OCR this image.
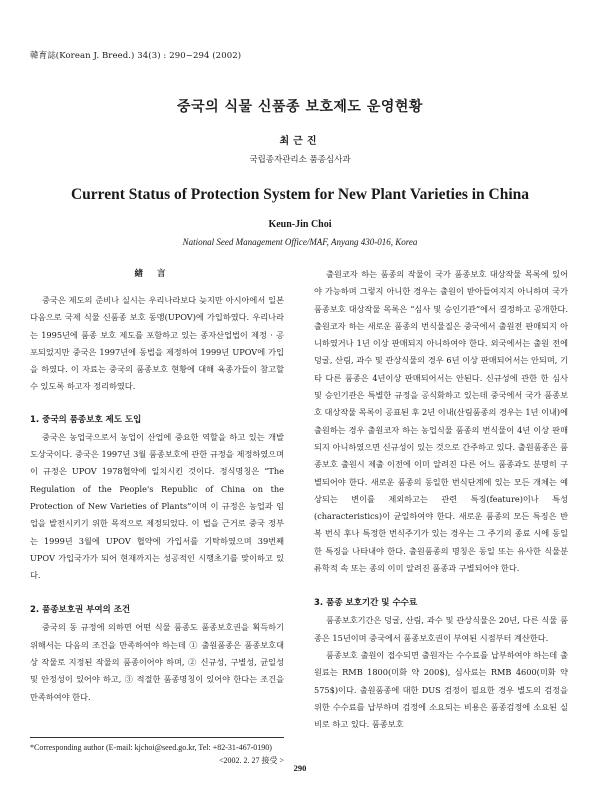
韓育誌(Korean J. Breed.) 34(3) : 290~294 (2002)
중국의 식물 신품종 보호제도 운영현황
최근진
국립종자관리소 품종심사과
Current Status of Protection System for New Plant Varieties in China
Keun-Jin Choi
National Seed Management Office/MAF, Anyang 430-016, Korea
緖言

중국은 제도의 준비나 실시는 우리나라보다 늦지만 아시아에서 일본 다음으로 국제 식물 신품종 보호 동맹(UPOV)에 가입하였다. 우리나라는 1995년에 품종 보호 제도를 포함하고 있는 종자산업법이 제정 · 공포되었지만 중국은 1997년에 동법을 제정하여 1999년 UPOV에 가입을 하였다. 이 자료는 중국의 품종보호 현황에 대해 육종가들이 참고할 수 있도록 하고자 정리하였다.

1. 중국의 품종보호 제도 도입

중국은 농업국으로서 농업이 산업에 중요한 역할을 하고 있는 개발도상국이다. 중국은 1997년 3월 품종보호에 관한 규정을 제정하였으며 이 규정은 UPOV 1978협약에 일치시킨 것이다. 정식명칭은 “The Regulation of the People's Republic of China on the Protection of New Varieties of Plants”이며 이 규정은 농업과 임업을 발전시키기 위한 목적으로 제정되었다. 이 법을 근거로 중국 정부는 1999년 3월에 UPOV 협약에 가입서를 기탁하였으며 39번째 UPOV 가입국가가 되어 현재까지는 성공적인 시행초기를 맞이하고 있다.

2. 품종보호권 부여의 조건

중국의 동 규정에 의하면 어떤 식물 품종도 품종보호권을 획득하기 위해서는 다음의 조건을 만족하여야 하는데 ① 출원품종은 품종보호대상 작물로 지정된 작물의 품종이어야 하며, ② 신규성, 구별성, 균일성 및 안정성이 있어야 하고, ③ 적절한 품종명칭이 있어야 한다는 조건을 만족하여야 한다.

출원코자 하는 품종의 작물이 국가 품종보호 대상작물 목록에 있어야 가능하며 그렇지 아니한 경우는 출원이 받아들여지지 아니하며 국가 품종보호 대상작물 목록은 “심사 및 승인기관”에서 결정하고 공개한다. 출원코자 하는 새로운 품종의 번식물질은 중국에서 출원전 판매되지 아니하였거나 1년 이상 판매되지 아니하여야 한다. 외국에서는 출원 전에 덩굴, 산림, 과수 및 관상식물의 경우 6년 이상 판매되어서는 안되며, 기타 다른 품종은 4년이상 판매되어서는 안된다. 신규성에 관한 한 심사 및 승인기관은 특별한 규정을 공식화하고 있는데 중국에서 국가 품종보호 대상작물 목록이 공표된 후 2년 이내(산림품종의 경우는 1년 이내)에 출원하는 경우 출원코자 하는 농업식물 품종의 번식물이 4년 이상 판매되지 아니하였으면 신규성이 있는 것으로 간주하고 있다. 출원품종은 품종보호 출원시 제출 이전에 이미 알려진 다른 어느 품종과도 분명히 구별되어야 한다. 새로운 품종의 동일한 번식단계에 있는 모든 개체는 예상되는 변이를 제외하고는 관련 특징(feature)이나 특성(characteristics)이 균일하여야 한다. 새로운 품종의 모든 특징은 반복 번식 후나 특정한 번식주기가 있는 경우는 그 주기의 종료 시에 동일한 특징을 나타내야 한다. 출원품종의 명칭은 동일 또는 유사한 식물분류학적 속 또는 종의 이미 알려진 품종과 구별되어야 한다.

3. 품종 보호기간 및 수수료

품종보호기간은 덩굴, 산림, 과수 및 관상식물은 20년, 다른 식물 품종은 15년이며 중국에서 품종보호권이 부여된 시점부터 계산한다.

품종보호 출원이 접수되면 출원자는 수수료를 납부하여야 하는데 출원료는 RMB 1800(미화 약 200$), 심사료는 RMB 4600(미화 약 575$)이다. 출원품종에 대한 DUS 검정이 필요한 경우 별도의 검정을 위한 수수료를 납부하며 검정에 소요되는 비용은 품종검정에 소요된 실비로 하고 있다. 품종보호

*Corresponding author (E-mail: kjchoi@seed.go.kr, Tel: +82-31-467-0190)
<2002. 2. 27 接受 >
290
